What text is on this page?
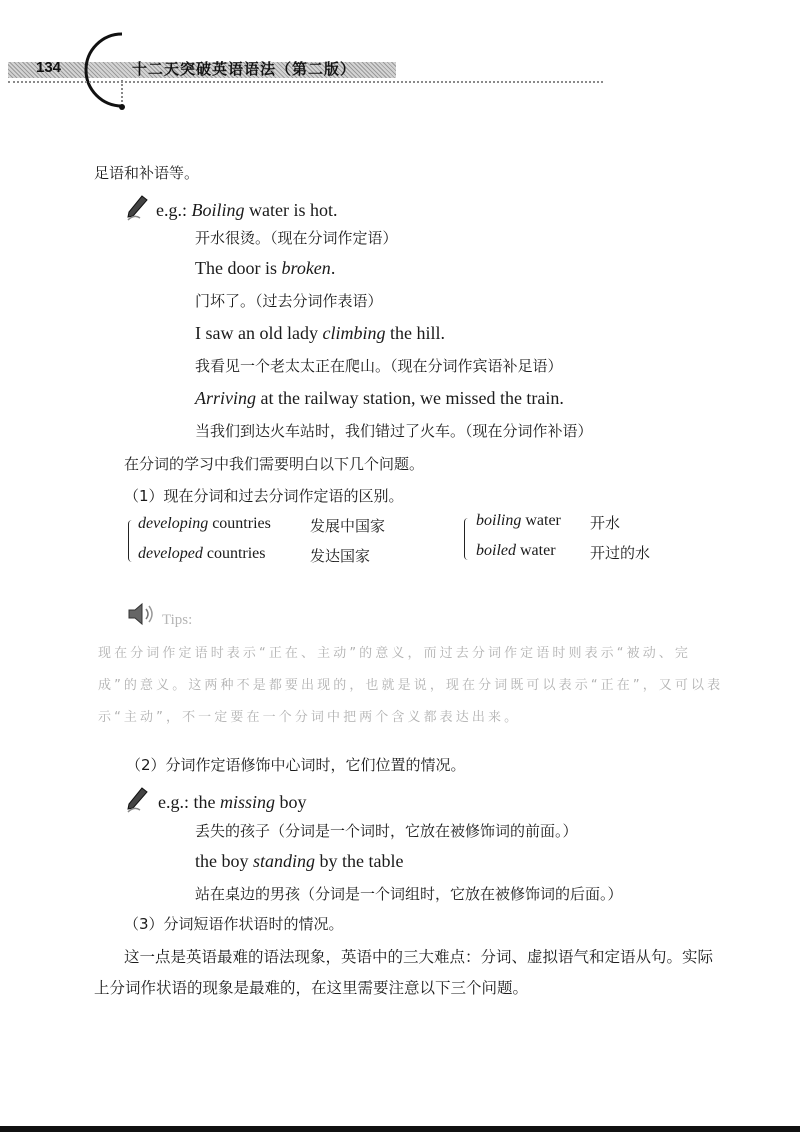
134	十二天突破英语语法（第二版）
足语和补语等。
e.g.: Boiling water is hot.
开水很烫。（现在分词作定语）
The door is broken.
门坏了。（过去分词作表语）
I saw an old lady climbing the hill.
我看见一个老太太正在爬山。（现在分词作宾语补足语）
Arriving at the railway station, we missed the train.
当我们到达火车站时，我们错过了火车。（现在分词作补语）
在分词的学习中我们需要明白以下几个问题。
（1）现在分词和过去分词作定语的区别。
developing countries	发展中国家
developed countries	发达国家
boiling water 开水
boiled water 开过的水
Tips:
现在分词作定语时表示“正在、主动”的意义，而过去分词作定语时则表示“被动、完
成”的意义。这两种不是都要出现的，也就是说，现在分词既可以表示“正在”，又可以表
示“主动”，不一定要在一个分词中把两个含义都表达出来。
（2）分词作定语修饰中心词时，它们位置的情况。
e.g.: the missing boy
丢失的孩子（分词是一个词时，它放在被修饰词的前面。）
the boy standing by the table
站在桌边的男孩（分词是一个词组时，它放在被修饰词的后面。）
（3）分词短语作状语时的情况。
这一点是英语最难的语法现象，英语中的三大难点：分词、虚拟语气和定语从句。实际
上分词作状语的现象是最难的，在这里需要注意以下三个问题。
